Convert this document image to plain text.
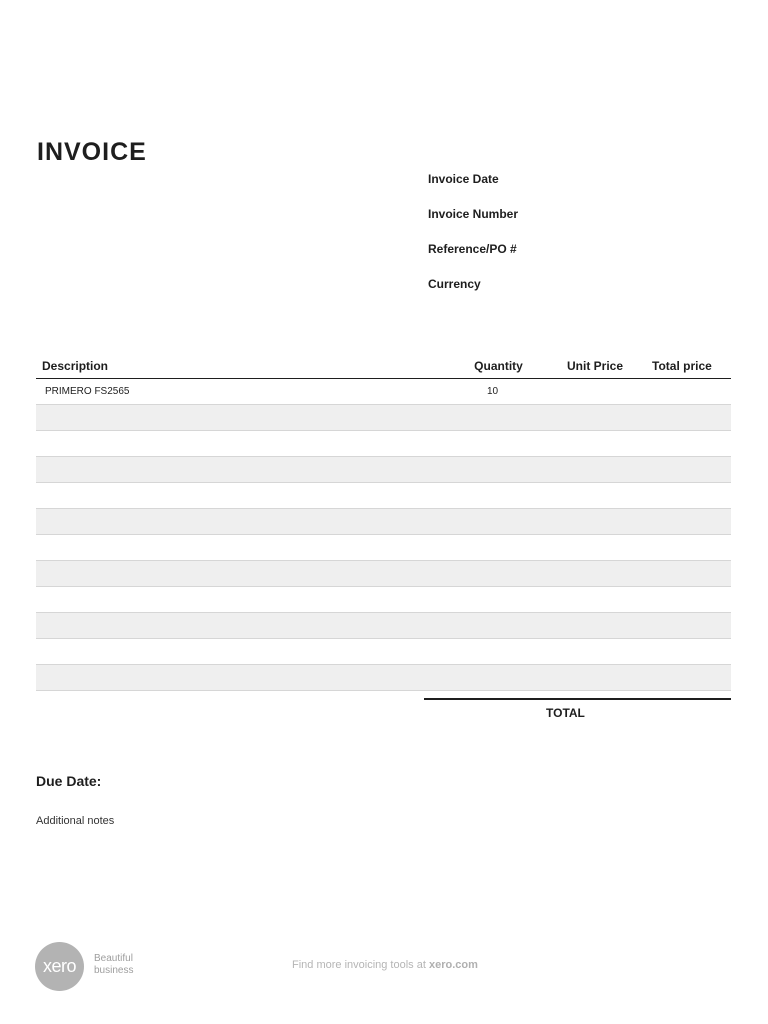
INVOICE
Invoice Date
Invoice Number
Reference/PO #
Currency
Description	Quantity	Unit Price	Total price
PRIMERO FS2565	10		

TOTAL
Due Date:
Additional notes
xero Beautiful
business	Find more invoicing tools at xero.com
